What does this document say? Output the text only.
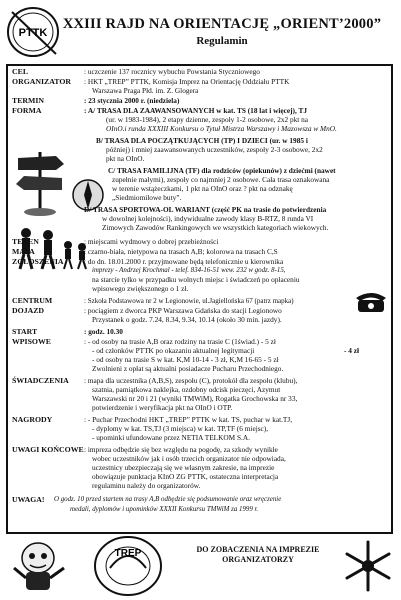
PTTK
XXIII RAJD NA ORIENTACJĘ „ORIENT’2000”
Regulamin
CEL	: uczczenie 137 rocznicy wybuchu Powstania Styczniowego
ORGANIZATOR : HKT „TREP” PTTK, Komisja Imprez na Orientację Oddziału PTTK
Warszawa Praga Płd. im. Z. Glogera
TERMIN	: 23 stycznia 2000 r. (niedziela)
FORMA	: A/ TRASA DLA ZAAWANSOWANYCH w kat. TS (18 lat i więcej), TJ
(ur. w 1983-1984), 2 etapy dzienne, zespoły 1-2 osobowe, 2x2 pkt na
OInO.i runda XXXIII Konkursu o Tytuł Mistrza Warszawy i Mazowsza w MnO.
B/ TRASA DLA POCZĄTKUJĄCYCH (TP) I DZIECI (ur. w 1985 i
później) i mniej zaawansowanych uczestników, zespoły 2-3 osobowe, 2x2
pkt na OInO.
C/ TRASA FAMILIJNA (TF) dla rodziców (opiekunów) z dziećmi (nawet
zupełnie małymi), zespoły co najmniej 2 osobowe. Cała trasa oznakowana
w terenie wstążeczkami, 1 pkt na OInO oraz ? pkt na odznakę
„Siedmiomilowe buty”.
D/ TRASA SPORTOWA-OL WARIANT (część PK na trasie do potwierdzenia
w dowolnej kolejności), indywidualne zawody klasy B-RTZ, 8 runda VI
Zimowych Zawodów Rankingowych we wszystkich kategoriach wiekowych.
TEREN	: miejscami wydmowy o dobrej przebieżności
MAPA	: czarno-biała, nietypowa na trasach A,B; kolorowa na trasach C,S
ZGŁOSZENIA	: do dn. 18.01.2000 r. przyjmowane będą telefonicznie u kierownika
imprezy - Andrzej Krochmal - telef. 834-16-51 wew. 232 w godz. 8-15,
na starcie tylko w przypadku wolnych miejsc i świadczeń po opłaceniu
wpisowego zwiększonego o 1 zł.
CENTRUM	: Szkoła Podstawowa nr 2 w Legionowie, ul.Jagiellońska 67 (patrz mapka)
DOJAZD	: pociągiem z dworca PKP Warszawa Gdańska do stacji Legionowo
Przystanek o godz. 7.24, 8.34, 9.34, 10.14 (około 30 min. jazdy).
START	: godz. 10.30
WPISOWE	: - od osoby na trasie A,B oraz rodziny na trasie C (1świad.) - 5 zł
- od członków PTTK po okazaniu aktualnej legitymacji	- 4 zł
- od osoby na trasie S w kat. K,M 10-14 - 3 zł, K,M 16-65 - 5 zł
Zwolnieni z opłat są aktualni posiadacze Pucharu Przechodniego.
ŚWIADCZENIA : mapa dla uczestnika (A,B,S), zespołu (C), protokół dla zespołu (klubu),
szatnia, pamiątkowa naklejka, ozdobny odcisk pieczęci, Azymut
Warszawski nr 20 i 21 (wyniki TMWiM), Rogatka Grochowska nr 33,
potwierdzenie i weryfikacja pkt na OInO i OTP.
NAGRODY	: - Puchar Przechodni HKT „TREP” PTTK w kat. TS, puchar w kat.TJ,
- dyplomy w kat. TS,TJ (3 miejsca) w kat. TP,TF (6 miejsc),
- upominki ufundowane przez NETIA TELKOM S.A.
UWAGI KOŃCOWE : impreza odbędzie się bez względu na pogodę, za szkody wynikłe
wobec uczestników jak i osób trzecich organizator nie odpowiada,
uczestnicy ubezpieczają się we własnym zakresie, na imprezie
obowiązuje punktacja KInO ZG PTTK, ostateczna interpretacja
regulaminu należy do organizatorów.
UWAGA! O godz. 10 przed startem na trasy A,B odbędzie się podsumowanie oraz wręczenie
medali, dyplomów i upominków XXXII Konkursu TMWiM za 1999 r.
TREP	DO ZOBACZENIA NA IMPREZIE
ORGANIZATORZY
